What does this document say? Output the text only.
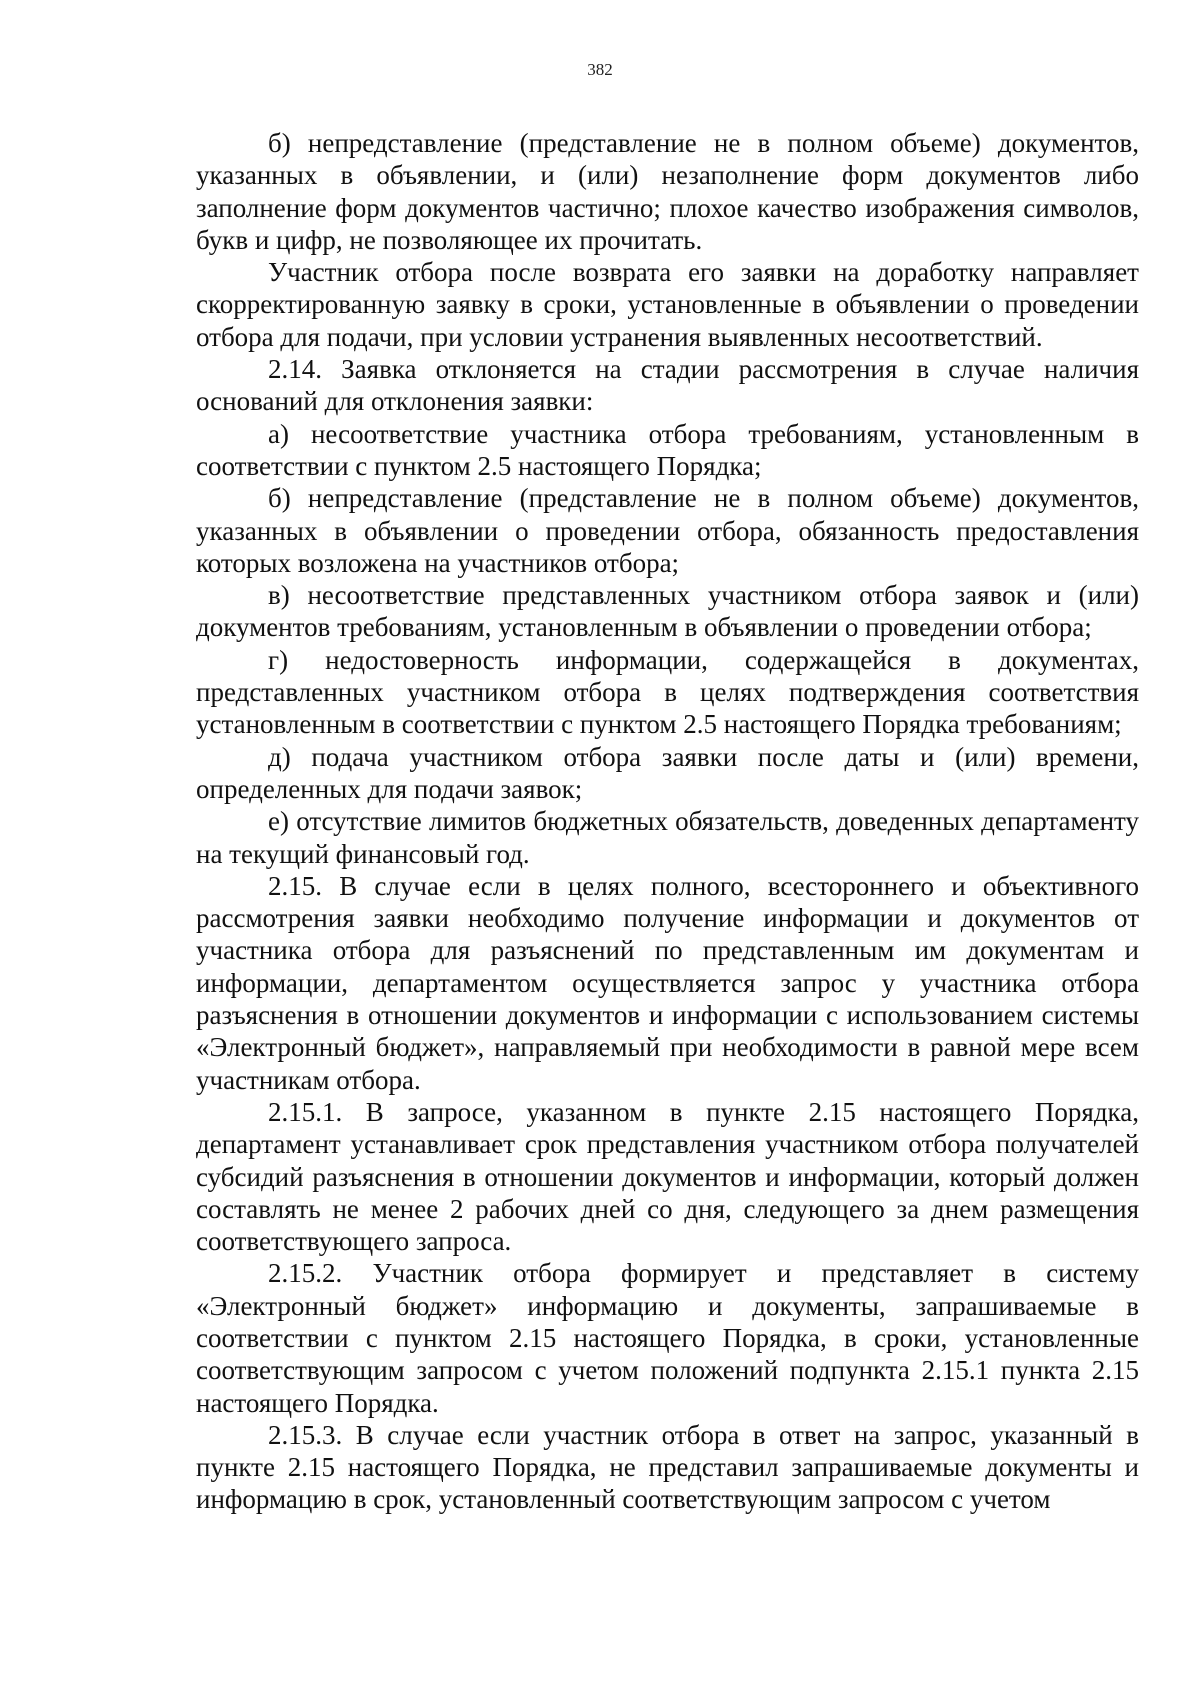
382

б) непредставление (представление не в полном объеме) документов, указанных в объявлении, и (или) незаполнение форм документов либо заполнение форм документов частично; плохое качество изображения символов, букв и цифр, не позволяющее их прочитать.

Участник отбора после возврата его заявки на доработку направляет скорректированную заявку в сроки, установленные в объявлении о проведении отбора для подачи, при условии устранения выявленных несоответствий.

2.14. Заявка отклоняется на стадии рассмотрения в случае наличия оснований для отклонения заявки:

а) несоответствие участника отбора требованиям, установленным в соответствии с пунктом 2.5 настоящего Порядка;

б) непредставление (представление не в полном объеме) документов, указанных в объявлении о проведении отбора, обязанность предоставления которых возложена на участников отбора;

в) несоответствие представленных участником отбора заявок и (или) документов требованиям, установленным в объявлении о проведении отбора;

г) недостоверность информации, содержащейся в документах, представленных участником отбора в целях подтверждения соответствия установленным в соответствии с пунктом 2.5 настоящего Порядка требованиям;

д) подача участником отбора заявки после даты и (или) времени, определенных для подачи заявок;

е) отсутствие лимитов бюджетных обязательств, доведенных департаменту на текущий финансовый год.

2.15. В случае если в целях полного, всестороннего и объективного рассмотрения заявки необходимо получение информации и документов от участника отбора для разъяснений по представленным им документам и информации, департаментом осуществляется запрос у участника отбора разъяснения в отношении документов и информации с использованием системы «Электронный бюджет», направляемый при необходимости в равной мере всем участникам отбора.

2.15.1. В запросе, указанном в пункте 2.15 настоящего Порядка, департамент устанавливает срок представления участником отбора получателей субсидий разъяснения в отношении документов и информации, который должен составлять не менее 2 рабочих дней со дня, следующего за днем размещения соответствующего запроса.

2.15.2. Участник отбора формирует и представляет в систему «Электронный бюджет» информацию и документы, запрашиваемые в соответствии с пунктом 2.15 настоящего Порядка, в сроки, установленные соответствующим запросом с учетом положений подпункта 2.15.1 пункта 2.15 настоящего Порядка.

2.15.3. В случае если участник отбора в ответ на запрос, указанный в пункте 2.15 настоящего Порядка, не представил запрашиваемые документы и информацию в срок, установленный соответствующим запросом с учетом
